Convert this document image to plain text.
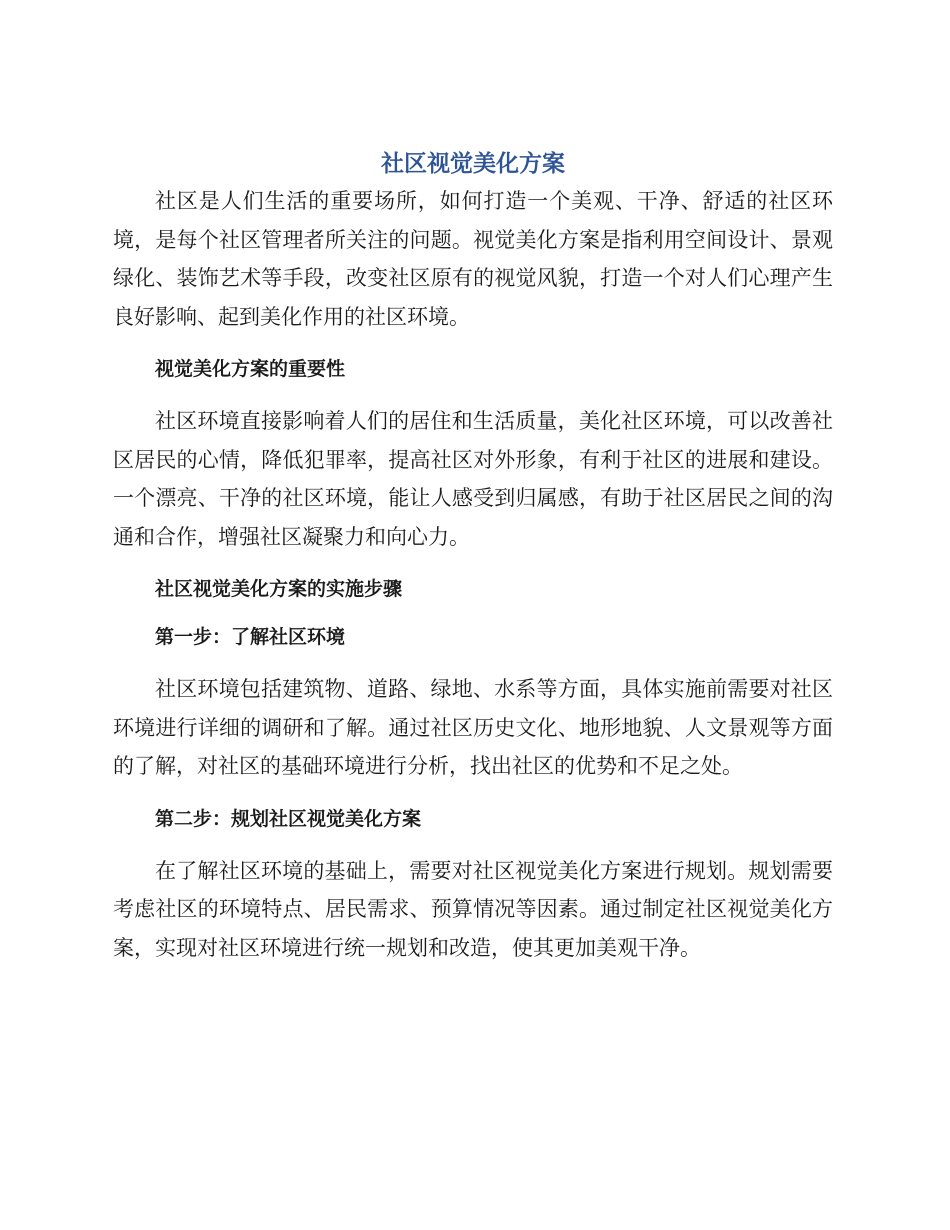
社区视觉美化方案

社区是人们生活的重要场所，如何打造一个美观、干净、舒适的社区环境，是每个社区管理者所关注的问题。视觉美化方案是指利用空间设计、景观绿化、装饰艺术等手段，改变社区原有的视觉风貌，打造一个对人们心理产生良好影响、起到美化作用的社区环境。

视觉美化方案的重要性

社区环境直接影响着人们的居住和生活质量，美化社区环境，可以改善社区居民的心情，降低犯罪率，提高社区对外形象，有利于社区的进展和建设。一个漂亮、干净的社区环境，能让人感受到归属感，有助于社区居民之间的沟通和合作，增强社区凝聚力和向心力。

社区视觉美化方案的实施步骤
第一步：了解社区环境

社区环境包括建筑物、道路、绿地、水系等方面，具体实施前需要对社区环境进行详细的调研和了解。通过社区历史文化、地形地貌、人文景观等方面的了解，对社区的基础环境进行分析，找出社区的优势和不足之处。

第二步：规划社区视觉美化方案

在了解社区环境的基础上，需要对社区视觉美化方案进行规划。规划需要考虑社区的环境特点、居民需求、预算情况等因素。通过制定社区视觉美化方案，实现对社区环境进行统一规划和改造，使其更加美观干净。
